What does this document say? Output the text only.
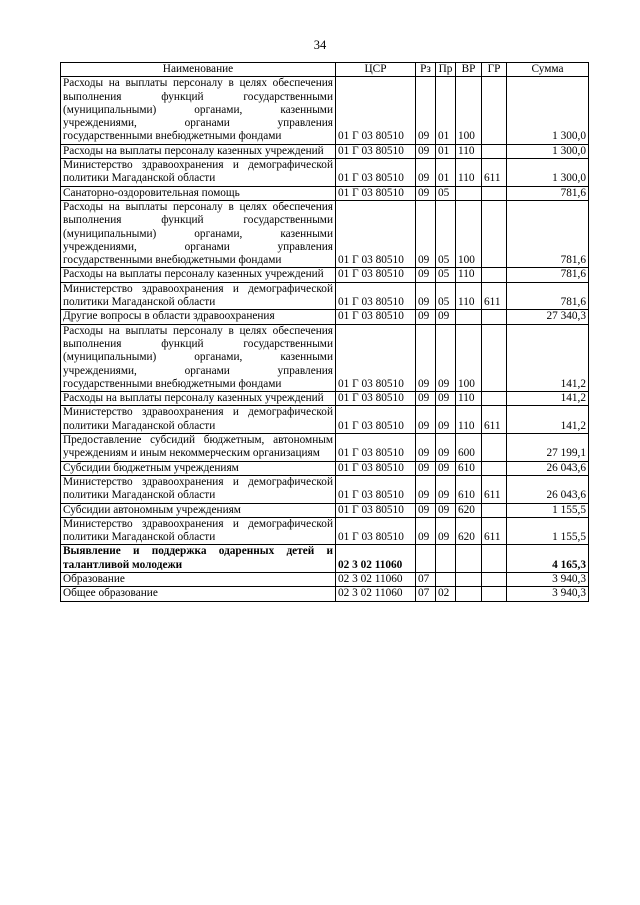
34
Наименование	ЦСР	Рз	Пр	ВР	ГР	Сумма
Расходы на выплаты персоналу в целях обеспечения выполнения функций государственными (муниципальными) органами, казенными учреждениями, органами управления государственными внебюджетными фондами	01 Г 03 80510	09	01	100		1 300,0
Расходы на выплаты персоналу казенных учреждений	01 Г 03 80510	09	01	110		1 300,0
Министерство здравоохранения и демографической политики Магаданской области	01 Г 03 80510	09	01	110	611	1 300,0
Санаторно-оздоровительная помощь	01 Г 03 80510	09	05			781,6
Расходы на выплаты персоналу в целях обеспечения выполнения функций государственными (муниципальными) органами, казенными учреждениями, органами управления государственными внебюджетными фондами	01 Г 03 80510	09	05	100		781,6
Расходы на выплаты персоналу казенных учреждений	01 Г 03 80510	09	05	110		781,6
Министерство здравоохранения и демографической политики Магаданской области	01 Г 03 80510	09	05	110	611	781,6
Другие вопросы в области здравоохранения	01 Г 03 80510	09	09			27 340,3
Расходы на выплаты персоналу в целях обеспечения выполнения функций государственными (муниципальными) органами, казенными учреждениями, органами управления государственными внебюджетными фондами	01 Г 03 80510	09	09	100		141,2
Расходы на выплаты персоналу казенных учреждений	01 Г 03 80510	09	09	110		141,2
Министерство здравоохранения и демографической политики Магаданской области	01 Г 03 80510	09	09	110	611	141,2
Предоставление субсидий бюджетным, автономным учреждениям и иным некоммерческим организациям	01 Г 03 80510	09	09	600		27 199,1
Субсидии бюджетным учреждениям	01 Г 03 80510	09	09	610		26 043,6
Министерство здравоохранения и демографической политики Магаданской области	01 Г 03 80510	09	09	610	611	26 043,6
Субсидии автономным учреждениям	01 Г 03 80510	09	09	620		1 155,5
Министерство здравоохранения и демографической политики Магаданской области	01 Г 03 80510	09	09	620	611	1 155,5
Выявление и поддержка одаренных детей и талантливой молодежи	02 3 02 11060					4 165,3
Образование	02 3 02 11060	07				3 940,3
Общее образование	02 3 02 11060	07	02			3 940,3
